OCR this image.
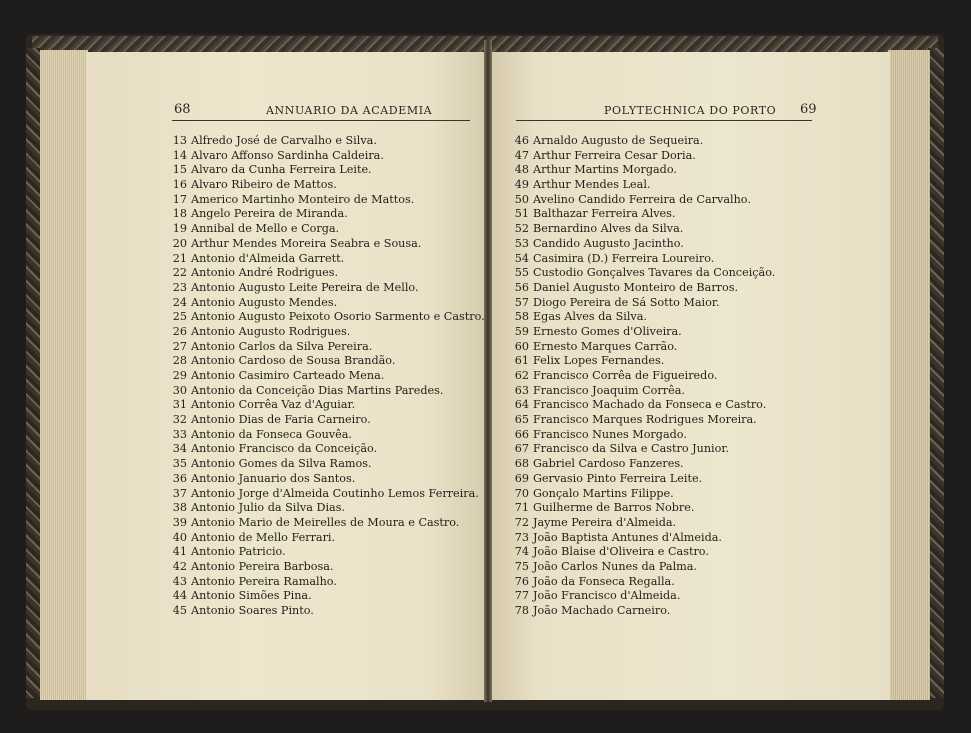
68	ANNUARIO DA ACADEMIA	POLYTECHNICA DO PORTO 69
13 Alfredo José de Carvalho e Silva.
14 Alvaro Affonso Sardinha Caldeira.
15 Alvaro da Cunha Ferreira Leite.
16 Alvaro Ribeiro de Mattos.
17 Americo Martinho Monteiro de Mattos.
18 Angelo Pereira de Miranda.
19 Annibal de Mello e Corga.
20 Arthur Mendes Moreira Seabra e Sousa.
21 Antonio d'Almeida Garrett.
22 Antonio André Rodrigues.
23 Antonio Augusto Leite Pereira de Mello.
24 Antonio Augusto Mendes.
25 Antonio Augusto Peixoto Osorio Sarmento e Castro.
26 Antonio Augusto Rodrigues.
27 Antonio Carlos da Silva Pereira.
28 Antonio Cardoso de Sousa Brandão.
29 Antonio Casimiro Carteado Mena.
30 Antonio da Conceição Dias Martins Paredes.
31 Antonio Corrêa Vaz d'Aguiar.
32 Antonio Dias de Faria Carneiro.
33 Antonio da Fonseca Gouvêa.
34 Antonio Francisco da Conceição.
35 Antonio Gomes da Silva Ramos.
36 Antonio Januario dos Santos.
37 Antonio Jorge d'Almeida Coutinho Lemos Ferreira.
38 Antonio Julio da Silva Dias.
39 Antonio Mario de Meirelles de Moura e Castro.
40 Antonio de Mello Ferrari.
41 Antonio Patricio.
42 Antonio Pereira Barbosa.
43 Antonio Pereira Ramalho.
44 Antonio Simões Pina.
45 Antonio Soares Pinto.
46 Arnaldo Augusto de Sequeira.
47 Arthur Ferreira Cesar Doria.
48 Arthur Martins Morgado.
49 Arthur Mendes Leal.
50 Avelino Candido Ferreira de Carvalho.
51 Balthazar Ferreira Alves.
52 Bernardino Alves da Silva.
53 Candido Augusto Jacintho.
54 Casimira (D.) Ferreira Loureiro.
55 Custodio Gonçalves Tavares da Conceição.
56 Daniel Augusto Monteiro de Barros.
57 Diogo Pereira de Sá Sotto Maior.
58 Egas Alves da Silva.
59 Ernesto Gomes d'Oliveira.
60 Ernesto Marques Carrão.
61 Felix Lopes Fernandes.
62 Francisco Corrêa de Figueiredo.
63 Francisco Joaquim Corrêa.
64 Francisco Machado da Fonseca e Castro.
65 Francisco Marques Rodrigues Moreira.
66 Francisco Nunes Morgado.
67 Francisco da Silva e Castro Junior.
68 Gabriel Cardoso Fanzeres.
69 Gervasio Pinto Ferreira Leite.
70 Gonçalo Martins Filippe.
71 Guilherme de Barros Nobre.
72 Jayme Pereira d'Almeida.
73 João Baptista Antunes d'Almeida.
74 João Blaise d'Oliveira e Castro.
75 João Carlos Nunes da Palma.
76 João da Fonseca Regalla.
77 João Francisco d'Almeida.
78 João Machado Carneiro.
